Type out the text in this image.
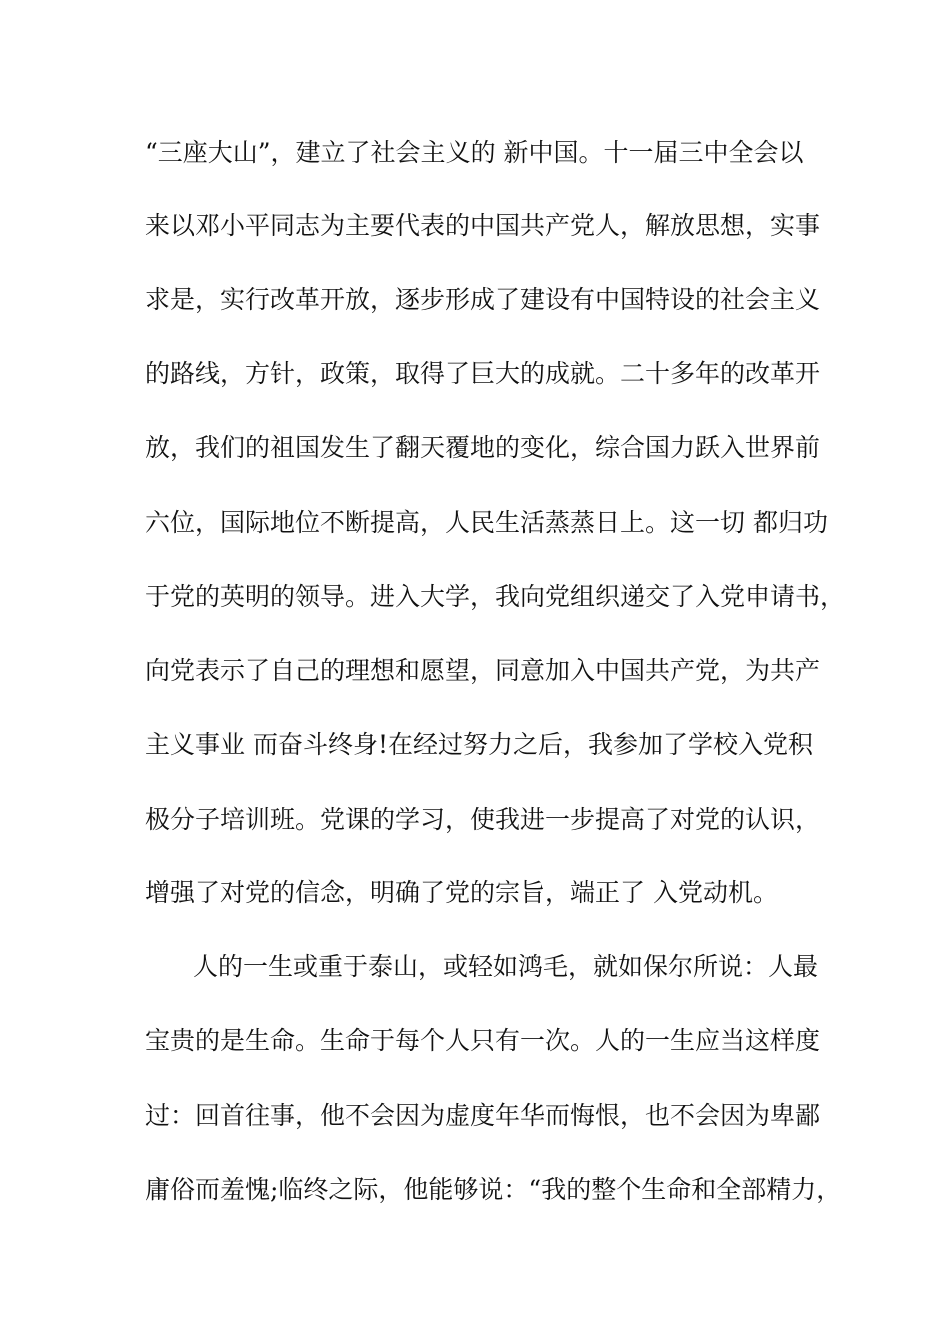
“三座大山”，建立了社会主义的 新中国。十一届三中全会以
来以邓小平同志为主要代表的中国共产党人，解放思想，实事
求是，实行改革开放，逐步形成了建设有中国特设的社会主义
的路线，方针，政策，取得了巨大的成就。二十多年的改革开
放，我们的祖国发生了翻天覆地的变化，综合国力跃入世界前
六位，国际地位不断提高，人民生活蒸蒸日上。这一切 都归功
于党的英明的领导。进入大学，我向党组织递交了入党申请书，
向党表示了自己的理想和愿望，同意加入中国共产党，为共产
主义事业 而奋斗终身!在经过努力之后，我参加了学校入党积
极分子培训班。党课的学习，使我进一步提高了对党的认识，
增强了对党的信念，明确了党的宗旨，端正了 入党动机。
人的一生或重于泰山，或轻如鸿毛，就如保尔所说：人最
宝贵的是生命。生命于每个人只有一次。人的一生应当这样度
过：回首往事，他不会因为虚度年华而悔恨，也不会因为卑鄙
庸俗而羞愧;临终之际，他能够说：“我的整个生命和全部精力，
